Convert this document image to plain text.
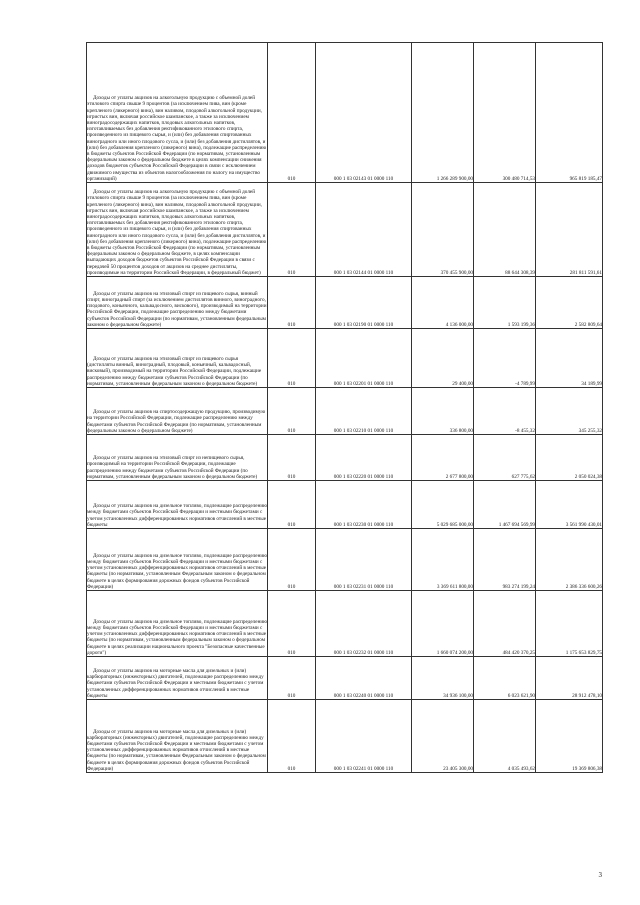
Доходы от уплаты акцизов на алкогольную продукцию с объемной долей этилового спирта свыше 9 процентов (за исключением пива, вин (кроме крепленого (ликерного) вина), вин наливом, плодовой алкогольной продукции, игристых вин, включая российское шампанское, а также за исключением виноградосодержащих напитков, плодовых алкогольных напитков, изготавливаемых без добавления ректификованного этилового спирта, произведенного из пищевого сырья, и (или) без добавления спиртованных виноградного или иного плодового сусла, и (или) без добавления дистиллятов, и (или) без добавления крепленого (ликерного) вина), подлежащие распределению в бюджеты субъектов Российской Федерации (по нормативам, установленным федеральным законом о федеральном бюджете в целях компенсации снижения доходов бюджетов субъектов Российской Федерации в связи с исключением движимого имущества из объектов налогообложения по налогу на имущество организаций)	010	000 1 03 02143 01 0000 110	1 266 289 900,00	300 480 714,53	965 819 185,47

Доходы от уплаты акцизов на алкогольную продукцию с объемной долей этилового спирта свыше 9 процентов (за исключением пива, вин (кроме крепленого (ликерного) вина), вин наливом, плодовой алкогольной продукции, игристых вин, включая российское шампанское, а также за исключением виноградосодержащих напитков, плодовых алкогольных напитков, изготавливаемых без добавления ректификованного этилового спирта, произведенного из пищевого сырья, и (или) без добавления спиртованных виноградного или иного плодового сусла, и (или) без добавления дистиллятов, и (или) без добавления крепленого (ликерного) вина), подлежащие распределению в бюджеты субъектов Российской Федерации (по нормативам, установленным федеральным законом о федеральном бюджете, в целях компенсации выпадающих доходов бюджетов субъектов Российской Федерации в связи с передачей 50 процентов доходов от акцизов на среднее дистилляты, производимые на территории Российской Федерации, в федеральный бюджет)	010	000 1 03 02144 01 0000 110	370 455 900,00	88 644 308,39	281 811 591,61

Доходы от уплаты акцизов на этиловый спирт из пищевого сырья, винный спирт, виноградный спирт (за исключением дистиллятов винного, виноградного, плодового, коньячного, кальвадосного, вискового), производимый на территории Российской Федерации, подлежащие распределению между бюджетами субъектов Российской Федерации (по нормативам, установленным федеральным законом о федеральном бюджете)	010	000 1 03 02190 01 0000 110	4 136 000,00	1 593 199,36	2 582 809,64

Доходы от уплаты акцизов на этиловый спирт из пищевого сырья (дистилляты винный, виноградный, плодовый, коньячный, кальвадосный, висковый), производимый на территории Российской Федерации, подлежащие распределению между бюджетами субъектов Российской Федерации (по нормативам, установленным федеральным законом о федеральном бюджете)	010	000 1 03 02201 01 0000 110	29 400,00	-4 789,99	34 189,99

Доходы от уплаты акцизов на спиртосодержащую продукцию, производимую на территории Российской Федерации, подлежащие распределению между бюджетами субъектов Российской Федерации (по нормативам, установленным федеральным законом о федеральном бюджете)	010	000 1 03 02210 01 0000 110	336 800,00	-8 455,32	345 255,32

Доходы от уплаты акцизов на этиловый спирт из непищевого сырья, производимый на территории Российской Федерации, подлежащие распределению между бюджетами субъектов Российской Федерации (по нормативам, установленным федеральным законом о федеральном бюджете)	010	000 1 03 02220 01 0000 110	2 677 800,00	627 775,62	2 050 024,38

Доходы от уплаты акцизов на дизельное топливо, подлежащие распределению между бюджетами субъектов Российской Федерации и местными бюджетами с учетом установленных дифференцированных нормативов отчислений в местные бюджеты	010	000 1 03 02230 01 0000 110	5 029 685 000,00	1 467 694 569,99	3 561 990 430,01

Доходы от уплаты акцизов на дизельное топливо, подлежащие распределению между бюджетами субъектов Российской Федерации и местными бюджетами с учетом установленных дифференцированных нормативов отчислений в местные бюджеты (по нормативам, установленным Федеральным законом о федеральном бюджете в целях формирования дорожных фондов субъектов Российской Федерации)	010	000 1 03 02231 01 0000 110	3 369 611 800,00	983 274 199,24	2 386 336 600,26

Доходы от уплаты акцизов на дизельное топливо, подлежащие распределению между бюджетами субъектов Российской Федерации и местными бюджетами с учетом установленных дифференцированных нормативов отчислений в местные бюджеты (по нормативам, установленным федеральным законом о федеральном бюджете в целях реализации национального проекта "Безопасные качественные дороги")	010	000 1 03 02232 01 0000 110	1 660 074 200,00	484 420 370,25	1 175 653 829,75

Доходы от уплаты акцизов на моторные масла для дизельных и (или) карбюраторных (инжекторных) двигателей, подлежащие распределению между бюджетами субъектов Российской Федерации и местными бюджетами с учетом установленных дифференцированных нормативов отчислений в местные бюджеты	010	000 1 03 02240 01 0000 110	34 936 100,00	6 023 621,90	28 912 478,10

Доходы от уплаты акцизов на моторные масла для дизельных и (или) карбюраторных (инжекторных) двигателей, подлежащие распределению между бюджетами субъектов Российской Федерации и местными бюджетами с учетом установленных дифференцированных нормативов отчислений в местные бюджеты (по нормативам, установленным Федеральным законом о федеральном бюджете в целях формирования дорожных фондов субъектов Российской Федерации)	010	000 1 03 02241 01 0000 110	23 405 300,00	4 035 493,62	19 369 806,38
3
